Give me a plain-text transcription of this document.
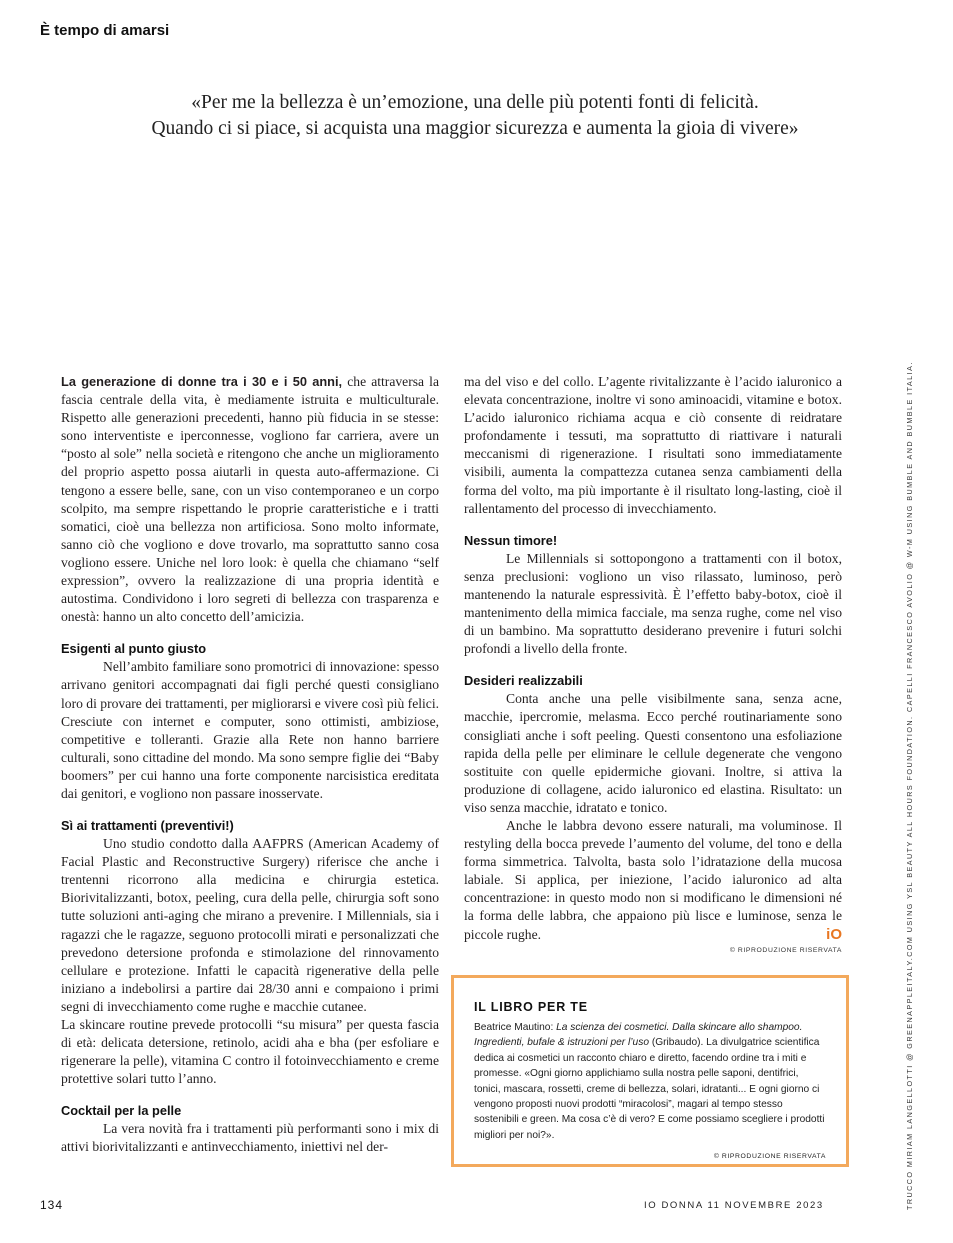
È tempo di amarsi
«Per me la bellezza è un’emozione, una delle più potenti fonti di felicità.
Quando ci si piace, si acquista una maggior sicurezza e aumenta la gioia di vivere»
TRUCCO MIRIAM LANGELLOTTI @ GREENAPPLEITALY.COM USING YSL BEAUTY ALL HOURS FOUNDATION. CAPELLI FRANCESCO AVOLIO @ W-M USING BUMBLE AND BUMBLE ITALIA.

La generazione di donne tra i 30 e i 50 anni, che attraversa la fascia centrale della vita, è mediamente istruita e multiculturale. Rispetto alle generazioni precedenti, hanno più fiducia in se stesse: sono interventiste e iperconnesse, vogliono far carriera, avere un “posto al sole” nella società e ritengono che anche un miglioramento del proprio aspetto possa aiutarli in questa auto-affermazione. Ci tengono a essere belle, sane, con un viso contemporaneo e un corpo scolpito, ma sempre rispettando le proprie caratteristiche e i tratti somatici, cioè una bellezza non artificiosa. Sono molto informate, sanno ciò che vogliono e dove trovarlo, ma soprattutto sanno cosa vogliono essere. Uniche nel loro look: è quella che chiamano “self expression”, ovvero la realizzazione di una propria identità e autostima. Condividono i loro segreti di bellezza con trasparenza e onestà: hanno un alto concetto dell’amicizia.

Esigenti al punto giusto

Nell’ambito familiare sono promotrici di innovazione: spesso arrivano genitori accompagnati dai figli perché questi consigliano loro di provare dei trattamenti, per migliorarsi e vivere così più felici. Cresciute con internet e computer, sono ottimisti, ambiziose, competitive e tolleranti. Grazie alla Rete non hanno barriere culturali, sono cittadine del mondo. Ma sono sempre figlie dei “Baby boomers” per cui hanno una forte componente narcisistica ereditata dai genitori, e vogliono non passare inosservate.

Sì ai trattamenti (preventivi!)

Uno studio condotto dalla AAFPRS (American Academy of Facial Plastic and Reconstructive Surgery) riferisce che anche i trentenni ricorrono alla medicina e chirurgia estetica. Biorivitalizzanti, botox, peeling, cura della pelle, chirurgia soft sono tutte soluzioni anti-aging che mirano a prevenire. I Millennials, sia i ragazzi che le ragazze, seguono protocolli mirati e personalizzati che prevedono detersione profonda e stimolazione del rinnovamento cellulare e protezione. Infatti le capacità rigenerative della pelle iniziano a indebolirsi a partire dai 28/30 anni e compaiono i primi segni di invecchiamento come rughe e macchie cutanee.

La skincare routine prevede protocolli “su misura” per questa fascia di età: delicata detersione, retinolo, acidi aha e bha (per esfoliare e rigenerare la pelle), vitamina C contro il fotoinvecchiamento e creme protettive solari tutto l’anno.

Cocktail per la pelle

La vera novità fra i trattamenti più performanti sono i mix di attivi biorivitalizzanti e antinvecchiamento, iniettivi nel der-

ma del viso e del collo. L’agente rivitalizzante è l’acido ialuronico a elevata concentrazione, inoltre vi sono aminoacidi, vitamine e botox. L’acido ialuronico richiama acqua e ciò consente di reidratare profondamente i tessuti, ma soprattutto di riattivare i naturali meccanismi di rigenerazione. I risultati sono immediatamente visibili, aumenta la compattezza cutanea senza cambiamenti della forma del volto, ma più importante è il risultato long-lasting, cioè il rallentamento del processo di invecchiamento.

Nessun timore!

Le Millennials si sottopongono a trattamenti con il botox, senza preclusioni: vogliono un viso rilassato, luminoso, però mantenendo la naturale espressività. È l’effetto baby-botox, cioè il mantenimento della mimica facciale, ma senza rughe, come nel viso di un bambino. Ma soprattutto desiderano prevenire i futuri solchi profondi a livello della fronte.

Desideri realizzabili

Conta anche una pelle visibilmente sana, senza acne, macchie, ipercromie, melasma. Ecco perché routinariamente sono consigliati anche i soft peeling. Questi consentono una esfoliazione rapida della pelle per eliminare le cellule degenerate che vengono sostituite con quelle epidermiche giovani. Inoltre, si attiva la produzione di collagene, acido ialuronico ed elastina. Risultato: un viso senza macchie, idratato e tonico.

Anche le labbra devono essere naturali, ma voluminose. Il restyling della bocca prevede l’aumento del volume, del tono e della forma simmetrica. Talvolta, basta solo l’idratazione della mucosa labiale. Si applica, per iniezione, l’acido ialuronico ad alta concentrazione: in questo modo non si modificano le dimensioni né la forma delle labbra, che appaiono più lisce e luminose, senza le piccole rughe.	iO

© RIPRODUZIONE RISERVATA
IL LIBRO PER TE

Beatrice Mautino: La scienza dei cosmetici. Dalla skincare allo shampoo. Ingredienti, bufale & istruzioni per l’uso (Gribaudo). La divulgatrice scientifica dedica ai cosmetici un racconto chiaro e diretto, facendo ordine tra i miti e promesse. «Ogni giorno applichiamo sulla nostra pelle saponi, dentifrici, tonici, mascara, rossetti, creme di bellezza, solari, idratanti... E ogni giorno ci vengono proposti nuovi prodotti “miracolosi”, magari al tempo stesso sostenibili e green. Ma cosa c’è di vero? E come possiamo scegliere i prodotti migliori per noi?».

© RIPRODUZIONE RISERVATA

134	IO DONNA 11 NOVEMBRE 2023
